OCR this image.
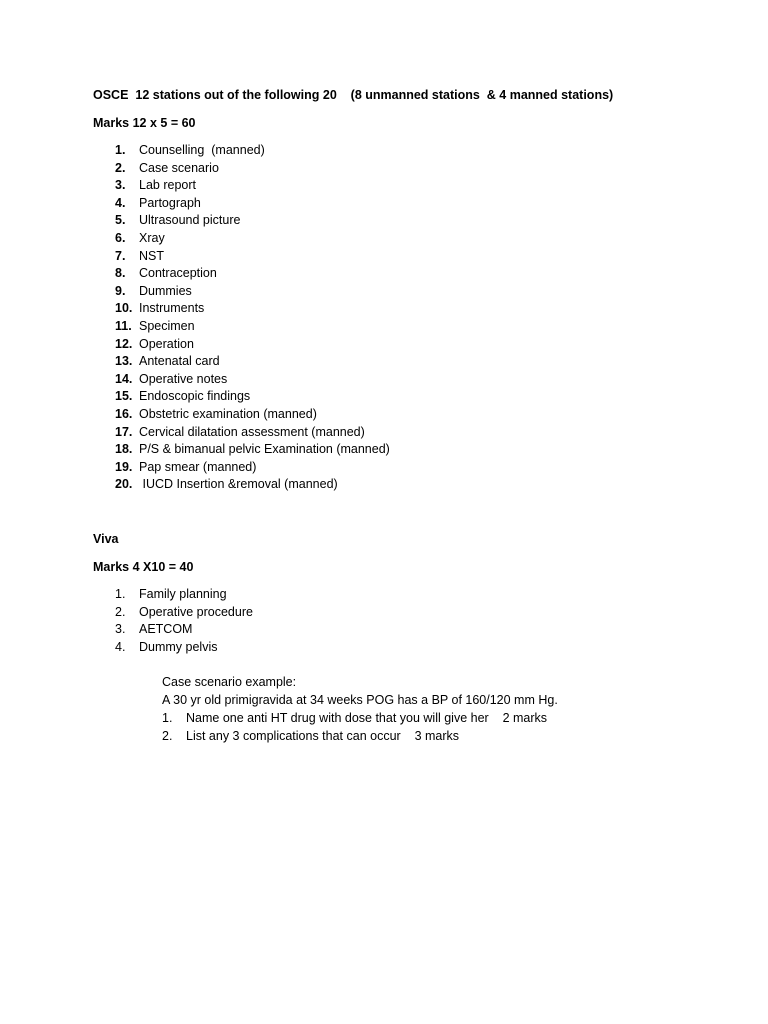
OSCE  12 stations out of the following 20    (8 unmanned stations  & 4 manned stations)
Marks 12 x 5 = 60
1. Counselling  (manned)
2. Case scenario
3. Lab report
4. Partograph
5. Ultrasound picture
6. Xray
7. NST
8. Contraception
9. Dummies
10. Instruments
11. Specimen
12. Operation
13. Antenatal card
14. Operative notes
15. Endoscopic findings
16. Obstetric examination (manned)
17. Cervical dilatation assessment (manned)
18. P/S & bimanual pelvic Examination (manned)
19. Pap smear (manned)
20. IUCD Insertion &removal (manned)
Viva
Marks 4 X10 = 40
1. Family planning
2. Operative procedure
3. AETCOM
4. Dummy pelvis
Case scenario example:
A 30 yr old primigravida at 34 weeks POG has a BP of 160/120 mm Hg.
1. Name one anti HT drug with dose that you will give her    2 marks
2. List any 3 complications that can occur    3 marks
